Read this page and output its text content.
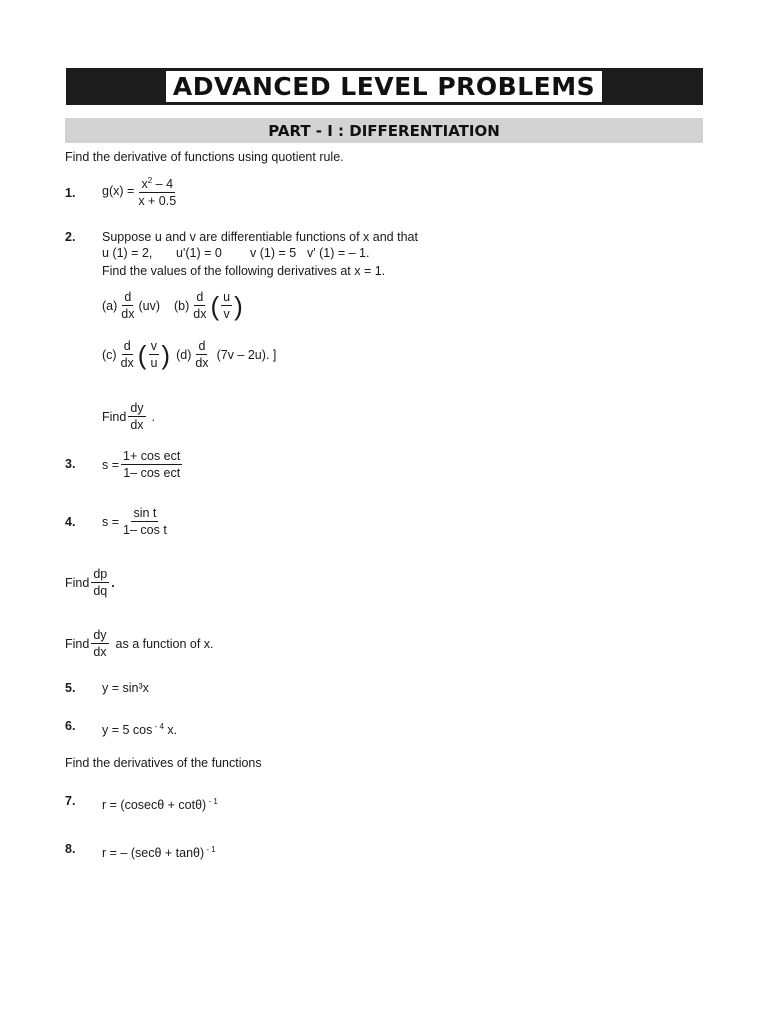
ADVANCED LEVEL PROBLEMS
PART - I : DIFFERENTIATION
Find the derivative of functions using quotient rule.
1. $g(x) = \frac{x^2 - 4}{x + 0.5}$
2. Suppose u and v are differentiable functions of x and that
u (1) = 2, u'(1) = 0 v (1) = 5 v' (1) = – 1.
Find the values of the following derivatives at x = 1.
$(a) \frac{d}{dx} (uv)$ $(b) \frac{d}{dx}$ ( $\frac{u}{v}$ )
$(c) \frac{d}{dx}$ ( $\frac{v}{u}$ ) $(d) \frac{d}{dx} (7v - 2u)$. ]
Find $\frac{dy}{dx}$ .
3. $s = \frac{\text{1+ cos ect}}{\text{1– cos ect}}$
4. $s = \frac{\text{sin t}}{\text{1– cos t}}$
Find $\frac{dp}{dq}$ .
Find $\frac{dy}{dx}$ as a function of x.
5. y = sin³x
6. y = 5 cos $^{- 4}$ x.
Find the derivatives of the functions
7. r = (cosecθ + cotθ) $^{- 1}$
8. r = – (secθ + tanθ) $^{- 1}$
